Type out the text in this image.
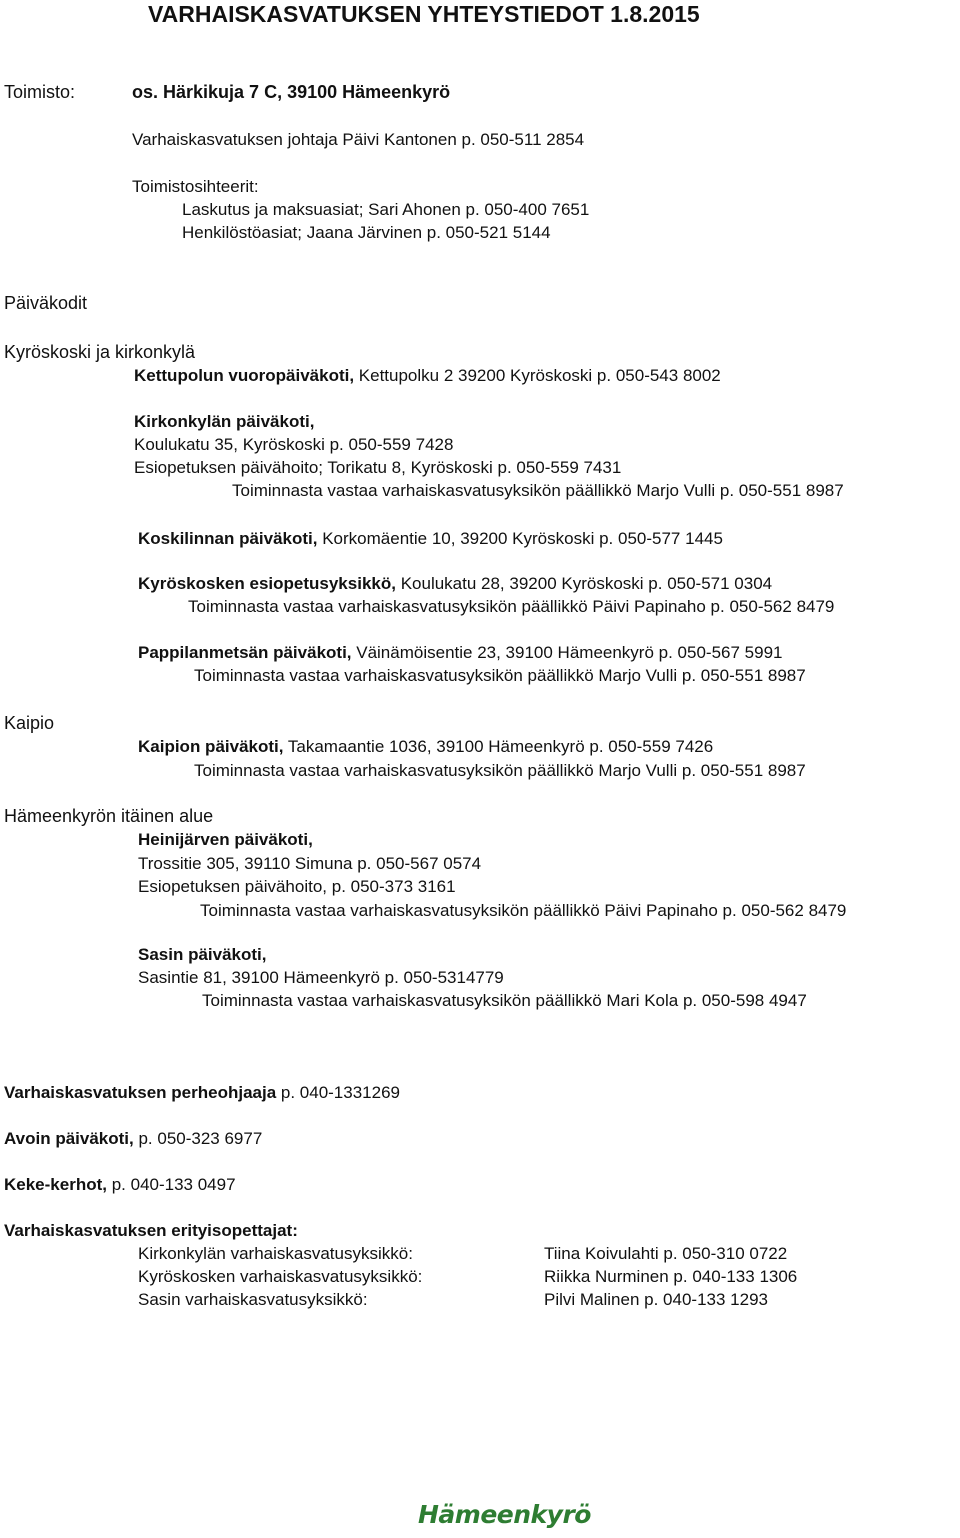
VARHAISKASVATUKSEN YHTEYSTIEDOT 1.8.2015
Toimisto:	os. Härkikuja 7 C, 39100 Hämeenkyrö
Varhaiskasvatuksen johtaja Päivi Kantonen p. 050-511 2854
Toimistosihteerit:
Laskutus ja maksuasiat; Sari Ahonen p. 050-400 7651
Henkilöstöasiat; Jaana Järvinen p. 050-521 5144
Päiväkodit
Kyröskoski ja kirkonkylä
Kettupolun vuoropäiväkoti, Kettupolku 2 39200 Kyröskoski p. 050-543 8002
Kirkonkylän päiväkoti,
Koulukatu 35, Kyröskoski p. 050-559 7428
Esiopetuksen päivähoito; Torikatu 8, Kyröskoski p. 050-559 7431
Toiminnasta vastaa varhaiskasvatusyksikön päällikkö Marjo Vulli p. 050-551 8987
Koskilinnan päiväkoti, Korkomäentie 10, 39200 Kyröskoski p. 050-577 1445
Kyröskosken esiopetusyksikkö, Koulukatu 28, 39200 Kyröskoski p. 050-571 0304
Toiminnasta vastaa varhaiskasvatusyksikön päällikkö Päivi Papinaho p. 050-562 8479
Pappilanmetsän päiväkoti, Väinämöisentie 23, 39100 Hämeenkyrö p. 050-567 5991
Toiminnasta vastaa varhaiskasvatusyksikön päällikkö Marjo Vulli p. 050-551 8987
Kaipio
Kaipion päiväkoti, Takamaantie 1036, 39100 Hämeenkyrö p. 050-559 7426
Toiminnasta vastaa varhaiskasvatusyksikön päällikkö Marjo Vulli p. 050-551 8987
Hämeenkyrön itäinen alue
Heinijärven päiväkoti,
Trossitie 305, 39110 Simuna p. 050-567 0574
Esiopetuksen päivähoito, p. 050-373 3161
Toiminnasta vastaa varhaiskasvatusyksikön päällikkö Päivi Papinaho p. 050-562 8479
Sasin päiväkoti,
Sasintie 81, 39100 Hämeenkyrö p. 050-5314779
Toiminnasta vastaa varhaiskasvatusyksikön päällikkö Mari Kola p. 050-598 4947
Varhaiskasvatuksen perheohjaaja p. 040-1331269
Avoin päiväkoti, p. 050-323 6977
Keke-kerhot, p. 040-133 0497
Varhaiskasvatuksen erityisopettajat:
Kirkonkylän varhaiskasvatusyksikkö:	Tiina Koivulahti p. 050-310 0722
Kyröskosken varhaiskasvatusyksikkö:	Riikka Nurminen p. 040-133 1306
Sasin varhaiskasvatusyksikkö:	Pilvi Malinen p. 040-133 1293
Hämeenkyrö
